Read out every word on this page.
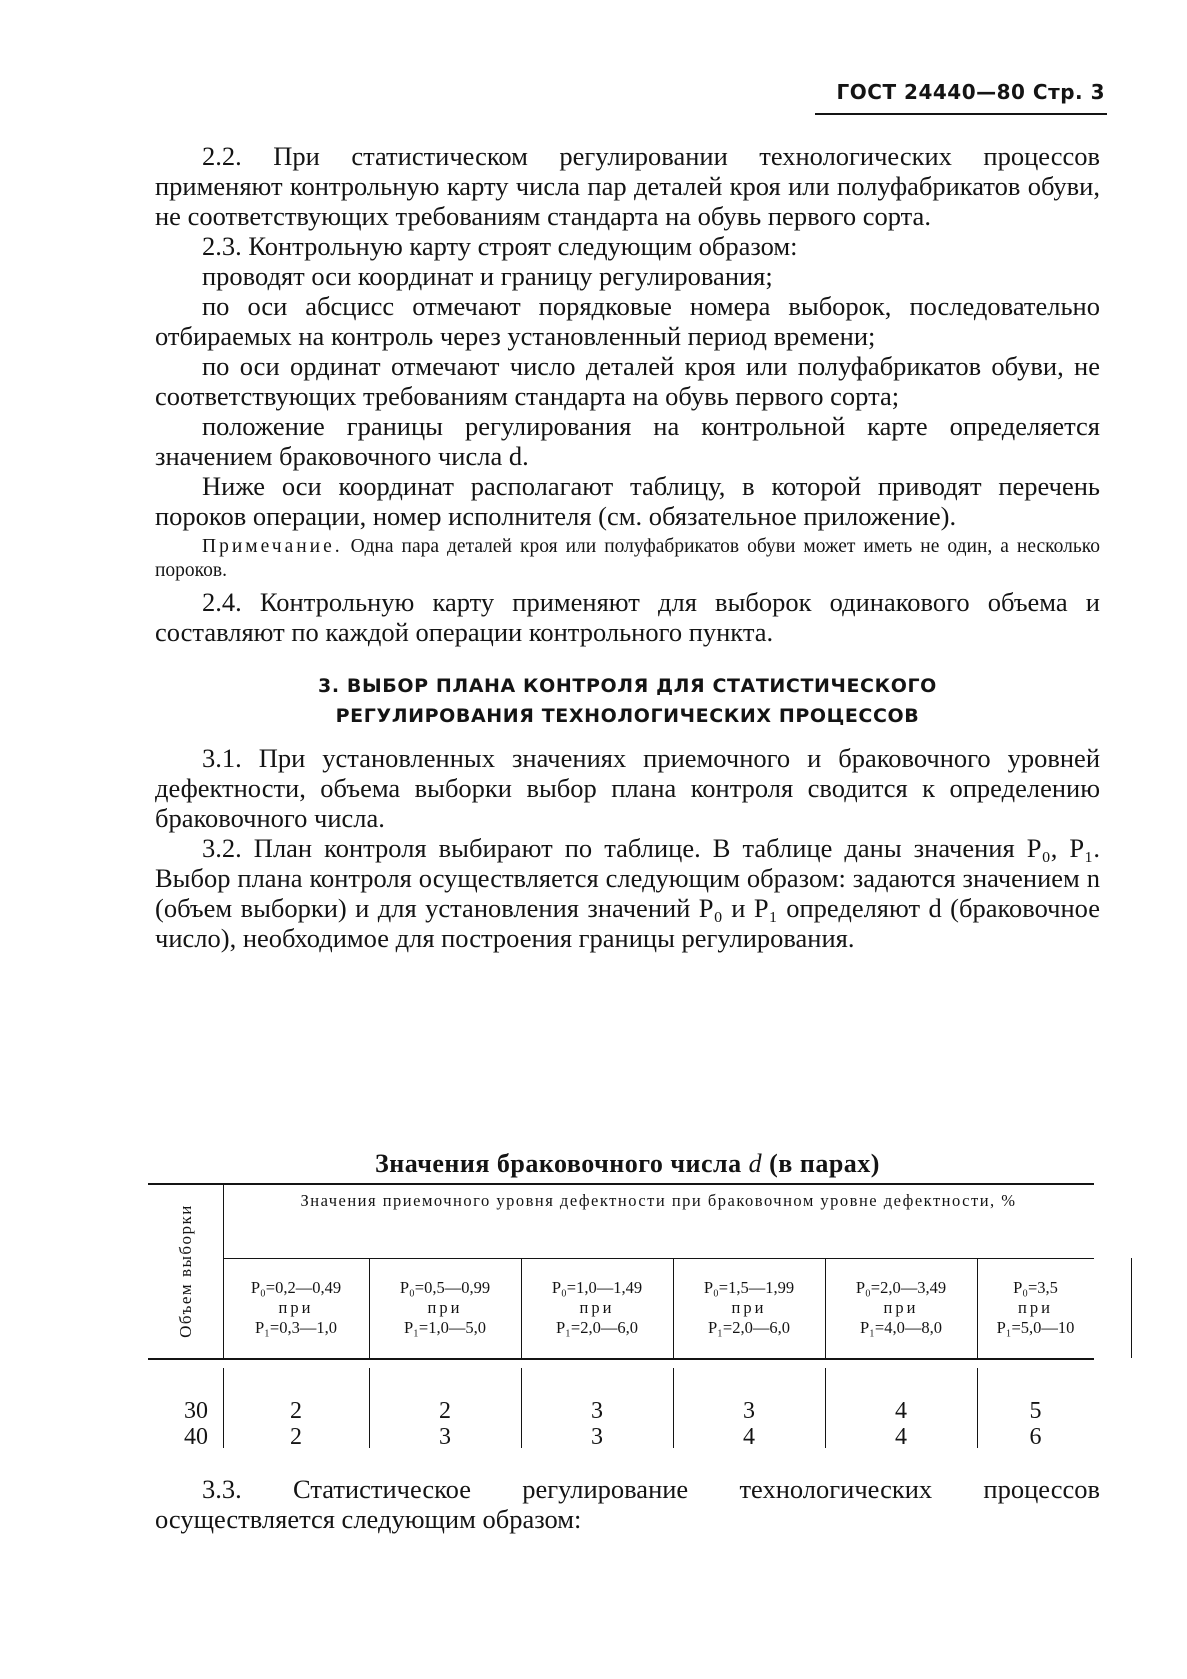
ГОСТ 24440—80 Стр. 3

2.2. При статистическом регулировании технологических процессов применяют контрольную карту числа пар деталей кроя или полуфабрикатов обуви, не соответствующих требованиям стандарта на обувь первого сорта.

2.3. Контрольную карту строят следующим образом:

проводят оси координат и границу регулирования;

по оси абсцисс отмечают порядковые номера выборок, последовательно отбираемых на контроль через установленный период времени;

по оси ординат отмечают число деталей кроя или полуфабрикатов обуви, не соответствующих требованиям стандарта на обувь первого сорта;

положение границы регулирования на контрольной карте определяется значением браковочного числа d.

Ниже оси координат располагают таблицу, в которой приводят перечень пороков операции, номер исполнителя (см. обязательное приложение).

Примечание. Одна пара деталей кроя или полуфабрикатов обуви может иметь не один, а несколько пороков.

2.4. Контрольную карту применяют для выборок одинакового объема и составляют по каждой операции контрольного пункта.

3. ВЫБОР ПЛАНА КОНТРОЛЯ ДЛЯ СТАТИСТИЧЕСКОГО
РЕГУЛИРОВАНИЯ ТЕХНОЛОГИЧЕСКИХ ПРОЦЕССОВ

3.1. При установленных значениях приемочного и браковочного уровней дефектности, объема выборки выбор плана контроля сводится к определению браковочного числа.

3.2. План контроля выбирают по таблице. В таблице даны значения P₀, P₁. Выбор плана контроля осуществляется следующим образом: задаются значением n (объем выборки) и для установления значений P₀ и P₁ определяют d (браковочное число), необходимое для построения границы регулирования.

Значения браковочного числа d (в парах)
Объем выборки
Значения приемочного уровня дефектности при браковочном уровне дефектности, %
P₀=0,2—0,49
при
P₁=0,3—1,0
P₀=0,5—0,99
при
P₁=1,0—5,0
P₀=1,0—1,49
при
P₁=2,0—6,0
P₀=1,5—1,99
при
P₁=2,0—6,0
P₀=2,0—3,49
при
P₁=4,0—8,0
P₀=3,5
при
P₁=5,0—10
30
40
2
2
2
3
3
3
3
4
4
4
5
6

3.3. Статистическое регулирование технологических процессов осуществляется следующим образом:
